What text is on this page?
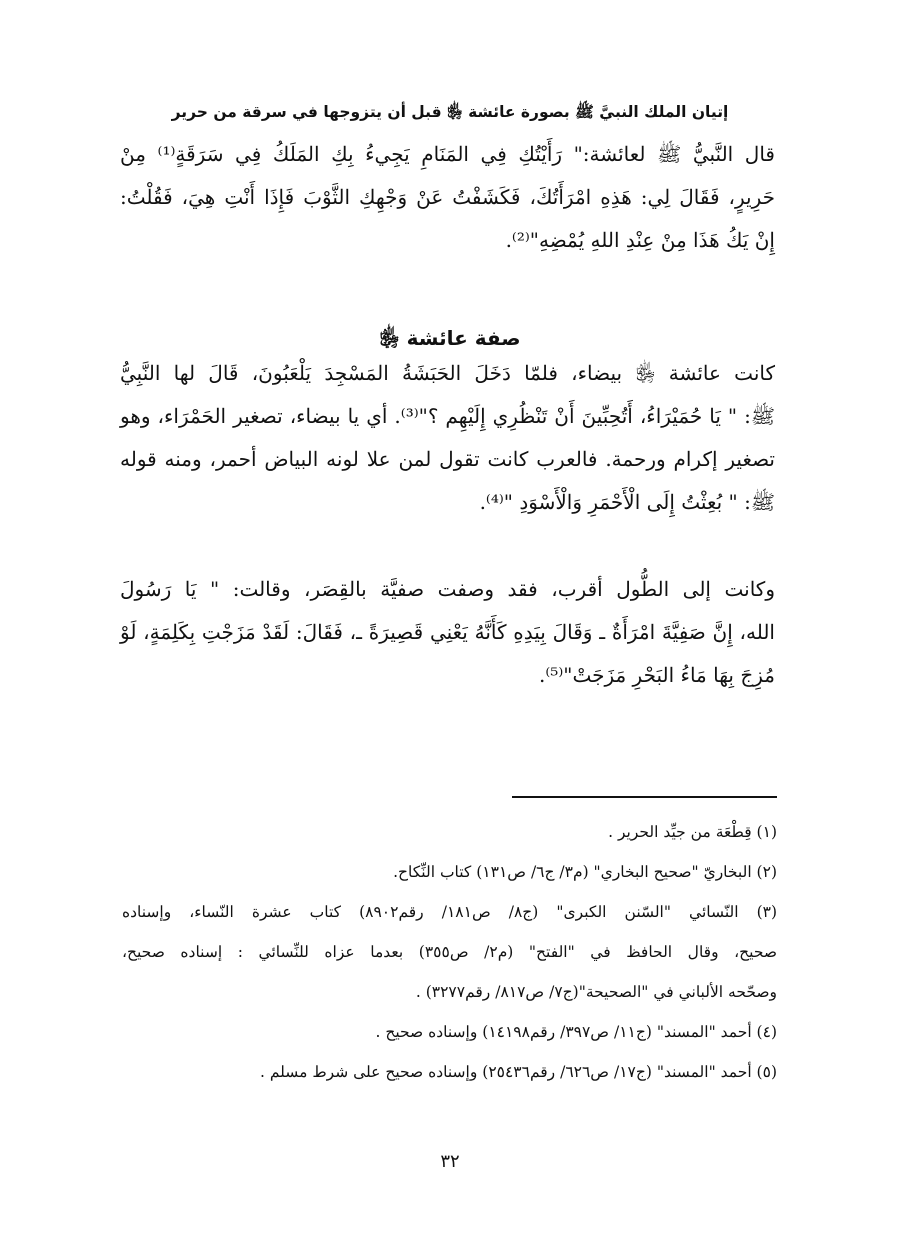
إتيان الملك النبيَّ ﷺ بصورة عائشة ﵂ قبل أن يتزوجها في سرقة من حرير
قال النَّبيُّ ﷺ لعائشة:" رَأَيْتُكِ فِي المَنَامِ يَجِيءُ بِكِ المَلَكُ فِي سَرَقَةٍ⁽¹⁾ مِنْ
حَرِيرٍ، فَقَالَ لِي: هَذِهِ امْرَأَتُكَ، فَكَشَفْتُ عَنْ وَجْهِكِ الثَّوْبَ فَإِذَا أَنْتِ هِيَ، فَقُلْتُ:
إِنْ يَكُ هَذَا مِنْ عِنْدِ اللهِ يُمْضِهِ"⁽²⁾.
صفة عائشة ﵂
كانت عائشة ﵂ بيضاء، فلمّا دَخَلَ الحَبَشَةُ المَسْجِدَ يَلْعَبُونَ، قَالَ لها النَّبِيُّ
ﷺ: " يَا حُمَيْرَاءُ، أَتُحِبِّينَ أَنْ تَنْظُرِي إِلَيْهِم ؟"⁽³⁾. أي يا بيضاء، تصغير الحَمْرَاء، وهو
تصغير إكرام ورحمة. فالعرب كانت تقول لمن علا لونه البياض أحمر، ومنه قوله
ﷺ: " بُعِثْتُ إِلَى الْأَحْمَرِ وَالْأَسْوَدِ "⁽⁴⁾.
وكانت إلى الطُّول أقرب، فقد وصفت صفيَّة بالقِصَر، وقالت: " يَا رَسُولَ
الله، إِنَّ صَفِيَّةَ امْرَأَةٌ ـ وَقَالَ بِيَدِهِ كَأَنَّهُ يَعْنِي قَصِيرَةً ـ، فَقَالَ: لَقَدْ مَزَجْتِ بِكَلِمَةٍ، لَوْ
مُزِجَ بِهَا مَاءُ البَحْرِ مَزَجَتْ"⁽⁵⁾.
(١) قِطْعَة من جيِّد الحرير .
(٢) البخاريّ "صحيح البخاري" (م٣/ ج٦/ ص١٣١) كتاب النِّكاح.
(٣) النّسائي "السّنن الكبرى" (ج٨/ ص١٨١/ رقم٨٩٠٢) كتاب عشرة النّساء، وإسناده
صحيح، وقال الحافظ في "الفتح" (م٢/ ص٣٥٥) بعدما عزاه للنِّسائي : إسناده صحيح،
وصحّحه الألباني في "الصحيحة"(ج٧/ ص٨١٧/ رقم٣٢٧٧) .
(٤) أحمد "المسند" (ج١١/ ص٣٩٧/ رقم١٤١٩٨) وإسناده صحيح .
(٥) أحمد "المسند" (ج١٧/ ص٦٢٦/ رقم٢٥٤٣٦) وإسناده صحيح على شرط مسلم .
٣٢
